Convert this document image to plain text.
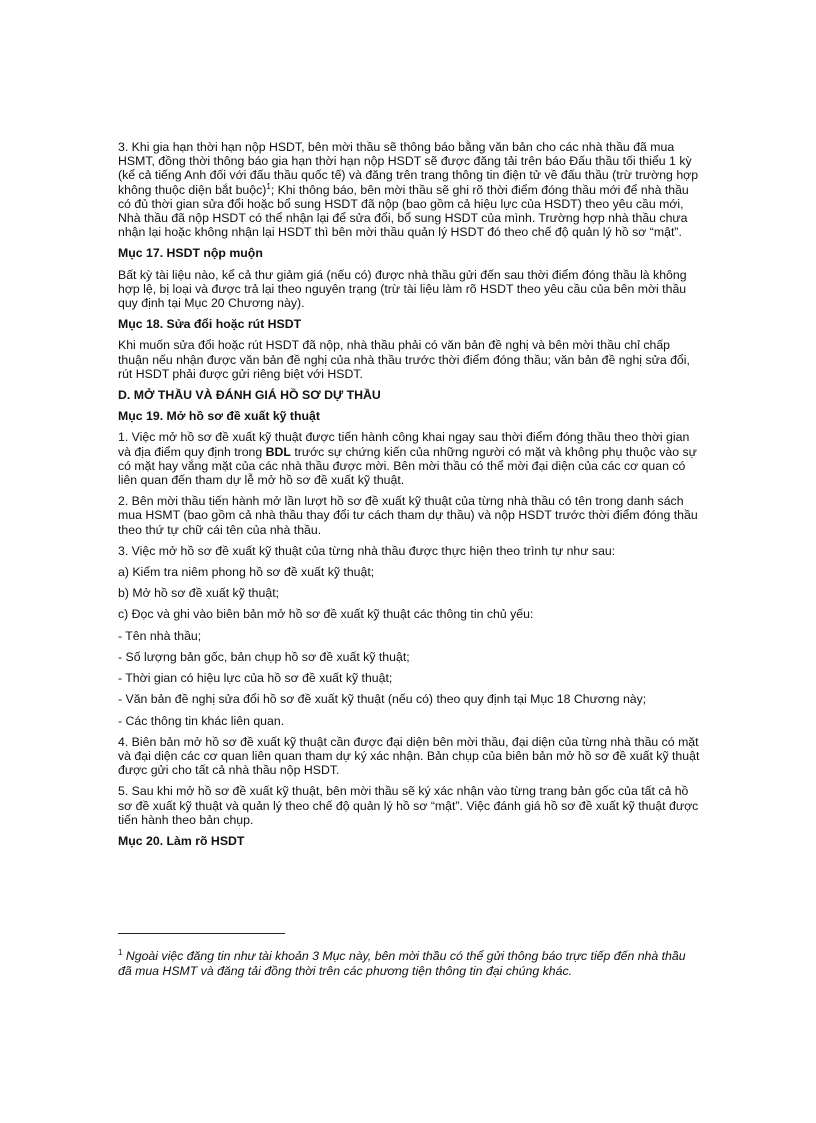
3. Khi gia hạn thời hạn nộp HSDT, bên mời thầu sẽ thông báo bằng văn bản cho các nhà thầu đã mua HSMT, đồng thời thông báo gia hạn thời hạn nộp HSDT sẽ được đăng tải trên báo Đấu thầu tối thiểu 1 kỳ (kể cả tiếng Anh đối với đấu thầu quốc tế) và đăng trên trang thông tin điện tử về đấu thầu (trừ trường hợp không thuộc diện bắt buộc)$^1$; Khi thông báo, bên mời thầu sẽ ghi rõ thời điểm đóng thầu mới để nhà thầu có đủ thời gian sửa đổi hoặc bổ sung HSDT đã nộp (bao gồm cả hiệu lực của HSDT) theo yêu cầu mới, Nhà thầu đã nộp HSDT có thể nhận lại để sửa đổi, bổ sung HSDT của mình. Trường hợp nhà thầu chưa nhận lại hoặc không nhận lại HSDT thì bên mời thầu quản lý HSDT đó theo chế độ quản lý hồ sơ “mật”.

Mục 17. HSDT nộp muộn

Bất kỳ tài liệu nào, kể cả thư giảm giá (nếu có) được nhà thầu gửi đến sau thời điểm đóng thầu là không hợp lệ, bị loại và được trả lại theo nguyên trạng (trừ tài liệu làm rõ HSDT theo yêu cầu của bên mời thầu quy định tại Mục 20 Chương này).

Mục 18. Sửa đổi hoặc rút HSDT

Khi muốn sửa đổi hoặc rút HSDT đã nộp, nhà thầu phải có văn bản đề nghị và bên mời thầu chỉ chấp thuận nếu nhận được văn bản đề nghị của nhà thầu trước thời điểm đóng thầu; văn bản đề nghị sửa đổi, rút HSDT phải được gửi riêng biệt với HSDT.

D. MỞ THẦU VÀ ĐÁNH GIÁ HỒ SƠ DỰ THẦU

Mục 19. Mở hồ sơ đề xuất kỹ thuật

1. Việc mở hồ sơ đề xuất kỹ thuật được tiến hành công khai ngay sau thời điểm đóng thầu theo thời gian và địa điểm quy định trong BDL trước sự chứng kiến của những người có mặt và không phụ thuộc vào sự có mặt hay vắng mặt của các nhà thầu được mời. Bên mời thầu có thể mời đại diện của các cơ quan có liên quan đến tham dự lễ mở hồ sơ đề xuất kỹ thuật.

2. Bên mời thầu tiến hành mở lần lượt hồ sơ đề xuất kỹ thuật của từng nhà thầu có tên trong danh sách mua HSMT (bao gồm cả nhà thầu thay đổi tư cách tham dự thầu) và nộp HSDT trước thời điểm đóng thầu theo thứ tự chữ cái tên của nhà thầu.

3. Việc mở hồ sơ đề xuất kỹ thuật của từng nhà thầu được thực hiện theo trình tự như sau:

a) Kiểm tra niêm phong hồ sơ đề xuất kỹ thuật;

b) Mở hồ sơ đề xuất kỹ thuật;

c) Đọc và ghi vào biên bản mở hồ sơ đề xuất kỹ thuật các thông tin chủ yếu:

- Tên nhà thầu;

- Số lượng bản gốc, bản chụp hồ sơ đề xuất kỹ thuật;

- Thời gian có hiệu lực của hồ sơ đề xuất kỹ thuật;

- Văn bản đề nghị sửa đổi hồ sơ đề xuất kỹ thuật (nếu có) theo quy định tại Mục 18 Chương này;

- Các thông tin khác liên quan.

4. Biên bản mở hồ sơ đề xuất kỹ thuật cần được đại diện bên mời thầu, đại diện của từng nhà thầu có mặt và đại diện các cơ quan liên quan tham dự ký xác nhận. Bản chụp của biên bản mở hồ sơ đề xuất kỹ thuật được gửi cho tất cả nhà thầu nộp HSDT.

5. Sau khi mở hồ sơ đề xuất kỹ thuật, bên mời thầu sẽ ký xác nhận vào từng trang bản gốc của tất cả hồ sơ đề xuất kỹ thuật và quản lý theo chế độ quản lý hồ sơ “mật”. Việc đánh giá hồ sơ đề xuất kỹ thuật được tiến hành theo bản chụp.

Mục 20. Làm rõ HSDT

$^1$ Ngoài việc đăng tin như tài khoản 3 Mục này, bên mời thầu có thể gửi thông báo trực tiếp đến nhà thầu đã mua HSMT và đăng tải đồng thời trên các phương tiện thông tin đại chúng khác.
